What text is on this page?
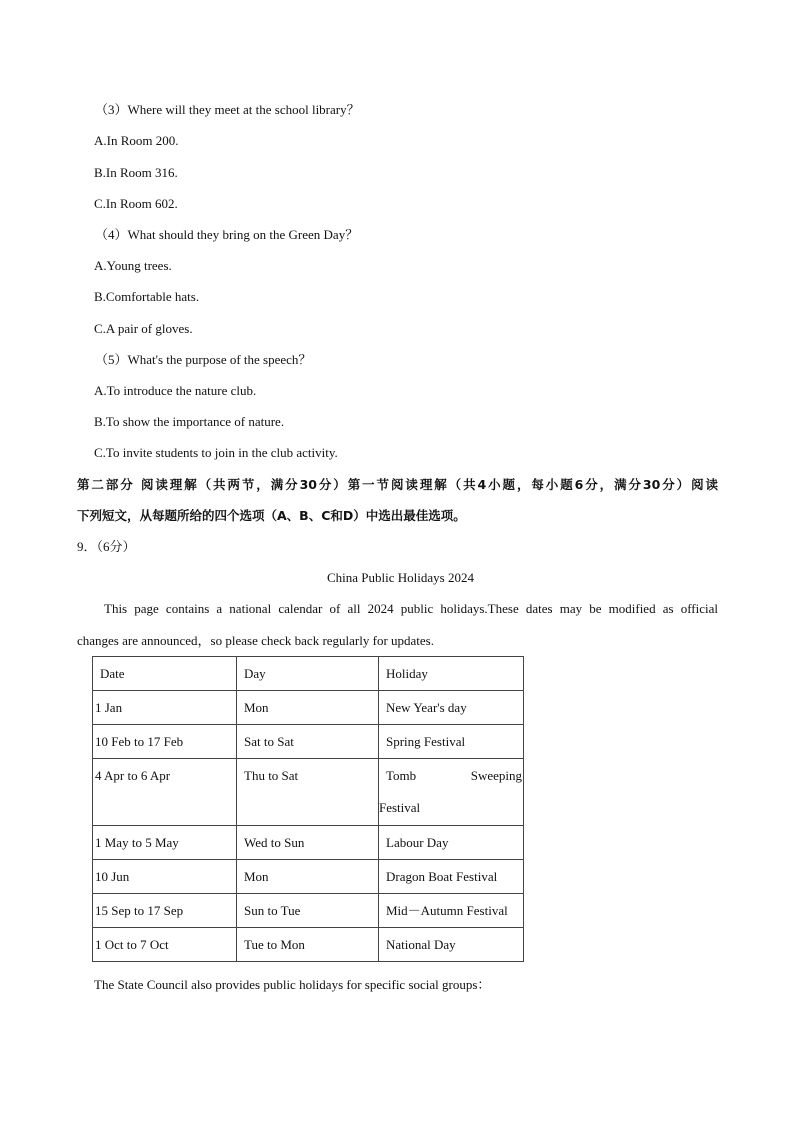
（3）Where will they meet at the school library？
A.In Room 200.
B.In Room 316.
C.In Room 602.
（4）What should they bring on the Green Day？
A.Young trees.
B.Comfortable hats.
C.A pair of gloves.
（5）What's the purpose of the speech？
A.To introduce the nature club.
B.To show the importance of nature.
C.To invite students to join in the club activity.
第二部分 阅读理解（共两节，满分30分）第一节阅读理解（共4小题，每小题6分，满分30分）阅读
下列短文，从每题所给的四个选项（A、B、C和D）中选出最佳选项。
9．（6分）
China Public Holidays 2024
This page contains a national calendar of all 2024 public holidays.These dates may be modified as official
changes are announced，so please check back regularly for updates.
Date	Day	Holiday

1 Jan	Mon	New Year's day

10 Feb to 17 Feb	Sat to Sat	Spring Festival

4 Apr to 6 Apr	Thu to Sat	Tomb Sweeping
Festival

1 May to 5 May	Wed to Sun	Labour Day

10 Jun	Mon	Dragon Boat Festival

15 Sep to 17 Sep	Sun to Tue	Mid－Autumn Festival

1 Oct to 7 Oct	Tue to Mon	National Day
The State Council also provides public holidays for specific social groups：
